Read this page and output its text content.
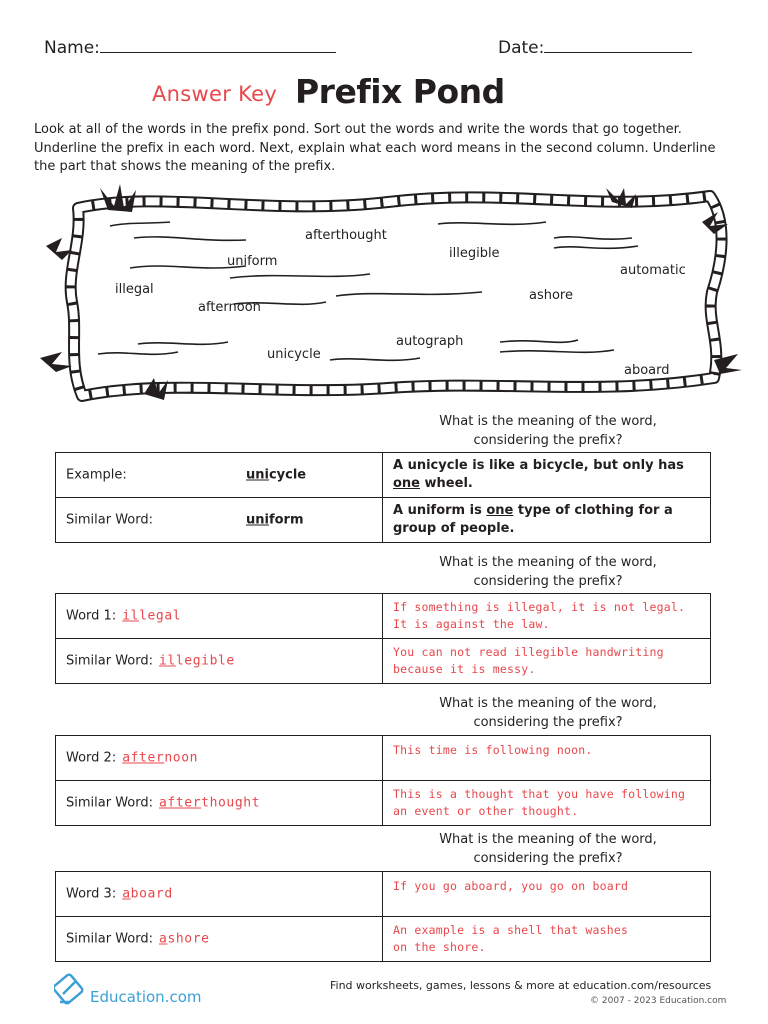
Name:	Date:
Answer Key Prefix Pond
Look at all of the words in the prefix pond. Sort out the words and write the words that go together. Underline the prefix in each word. Next, explain what each word means in the second column. Underline the part that shows the meaning of the prefix.
afterthought
illegible
uniform
automatic
illegal	ashore
afternoon
autograph
unicycle
aboard
What is the meaning of the word,
considering the prefix?
Example: unicycle	A unicycle is like a bicycle, but only has one wheel.

Similar Word: uniform	A uniform is one type of clothing for a group of people.
What is the meaning of the word,
considering the prefix?
Word 1: illegal	If something is illegal, it is not legal.
It is against the law.

Similar Word: illegible	You can not read illegible handwriting
because it is messy.
What is the meaning of the word,
considering the prefix?
Word 2: afternoon	This time is following noon.

Similar Word: afterthought	This is a thought that you have following
an event or other thought.
What is the meaning of the word,
considering the prefix?
Word 3: aboard	If you go aboard, you go on board

Similar Word: ashore	An example is a shell that washes
on the shore.
Education.com
Find worksheets, games, lessons & more at education.com/resources
© 2007 - 2023 Education.com
